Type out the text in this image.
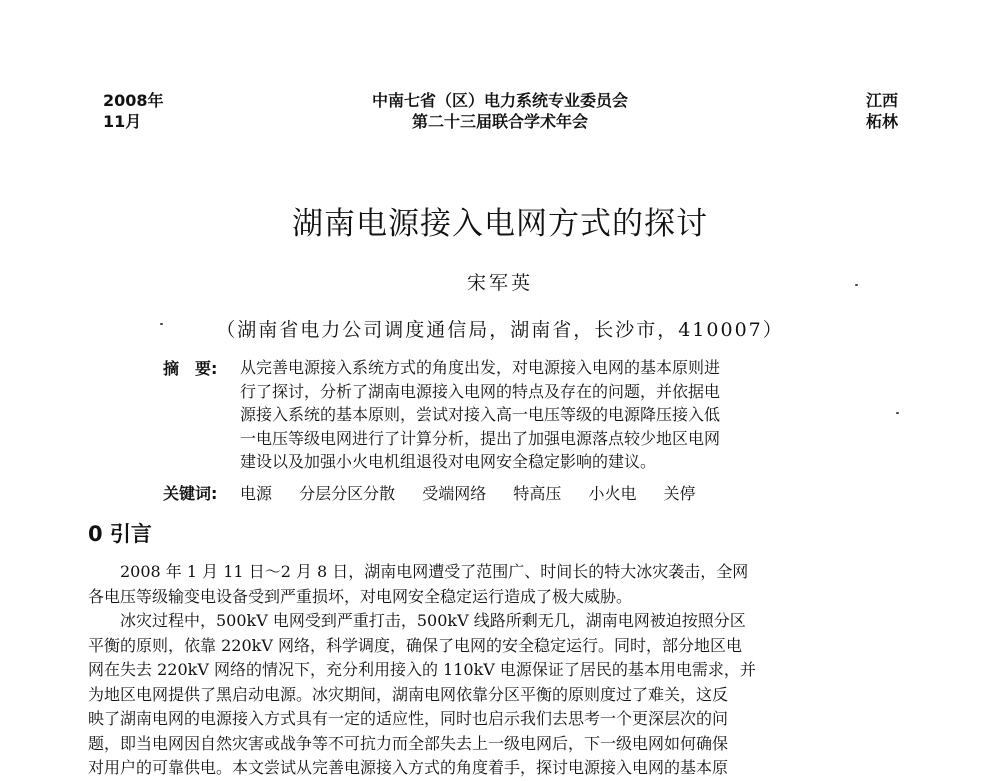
2008年
11月
中南七省（区）电力系统专业委员会
第二十三届联合学术年会
江西
柘林
湖南电源接入电网方式的探讨
宋军英
（湖南省电力公司调度通信局，湖南省，长沙市，410007）
摘　要: 从完善电源接入系统方式的角度出发，对电源接入电网的基本原则进
行了探讨，分析了湖南电源接入电网的特点及存在的问题，并依据电
源接入系统的基本原则，尝试对接入高一电压等级的电源降压接入低
一电压等级电网进行了计算分析，提出了加强电源落点较少地区电网
建设以及加强小火电机组退役对电网安全稳定影响的建议。
关键词: 电源 分层分区分散 受端网络 特高压 小火电 关停
0 引言
　　2008 年 1 月 11 日～2 月 8 日，湖南电网遭受了范围广、时间长的特大冰灾袭击，全网
各电压等级输变电设备受到严重损坏，对电网安全稳定运行造成了极大威胁。
　　冰灾过程中，500kV 电网受到严重打击，500kV 线路所剩无几，湖南电网被迫按照分区
平衡的原则，依靠 220kV 网络，科学调度，确保了电网的安全稳定运行。同时，部分地区电
网在失去 220kV 网络的情况下，充分利用接入的 110kV 电源保证了居民的基本用电需求，并
为地区电网提供了黑启动电源。冰灾期间，湖南电网依靠分区平衡的原则度过了难关，这反
映了湖南电网的电源接入方式具有一定的适应性，同时也启示我们去思考一个更深层次的问
题，即当电网因自然灾害或战争等不可抗力而全部失去上一级电网后，下一级电网如何确保
对用户的可靠供电。本文尝试从完善电源接入方式的角度着手，探讨电源接入电网的基本原
